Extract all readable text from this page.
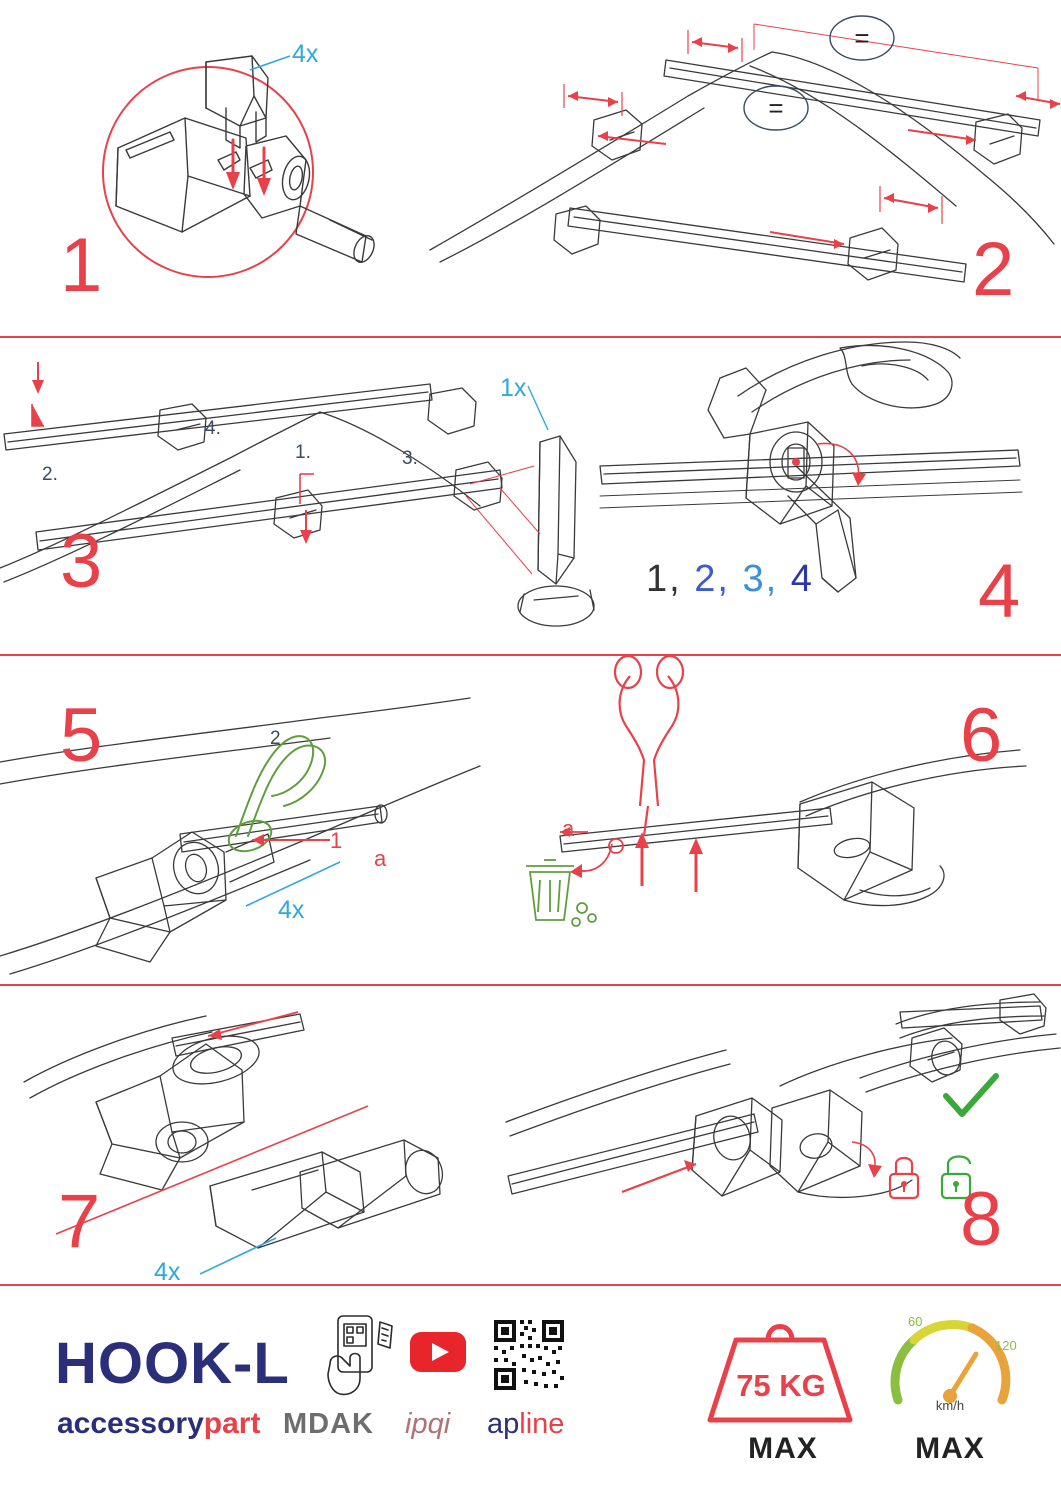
1
4x
=
=
2
3
1.
2.
3.
4.
1x
4
1, 2, 3, 4
5
1
2
a
4x
6
a
7
4x
8
HOOK-L
accessorypart MDAK ipqi apline
75 KG
MAX
60
120
km/h
MAX
